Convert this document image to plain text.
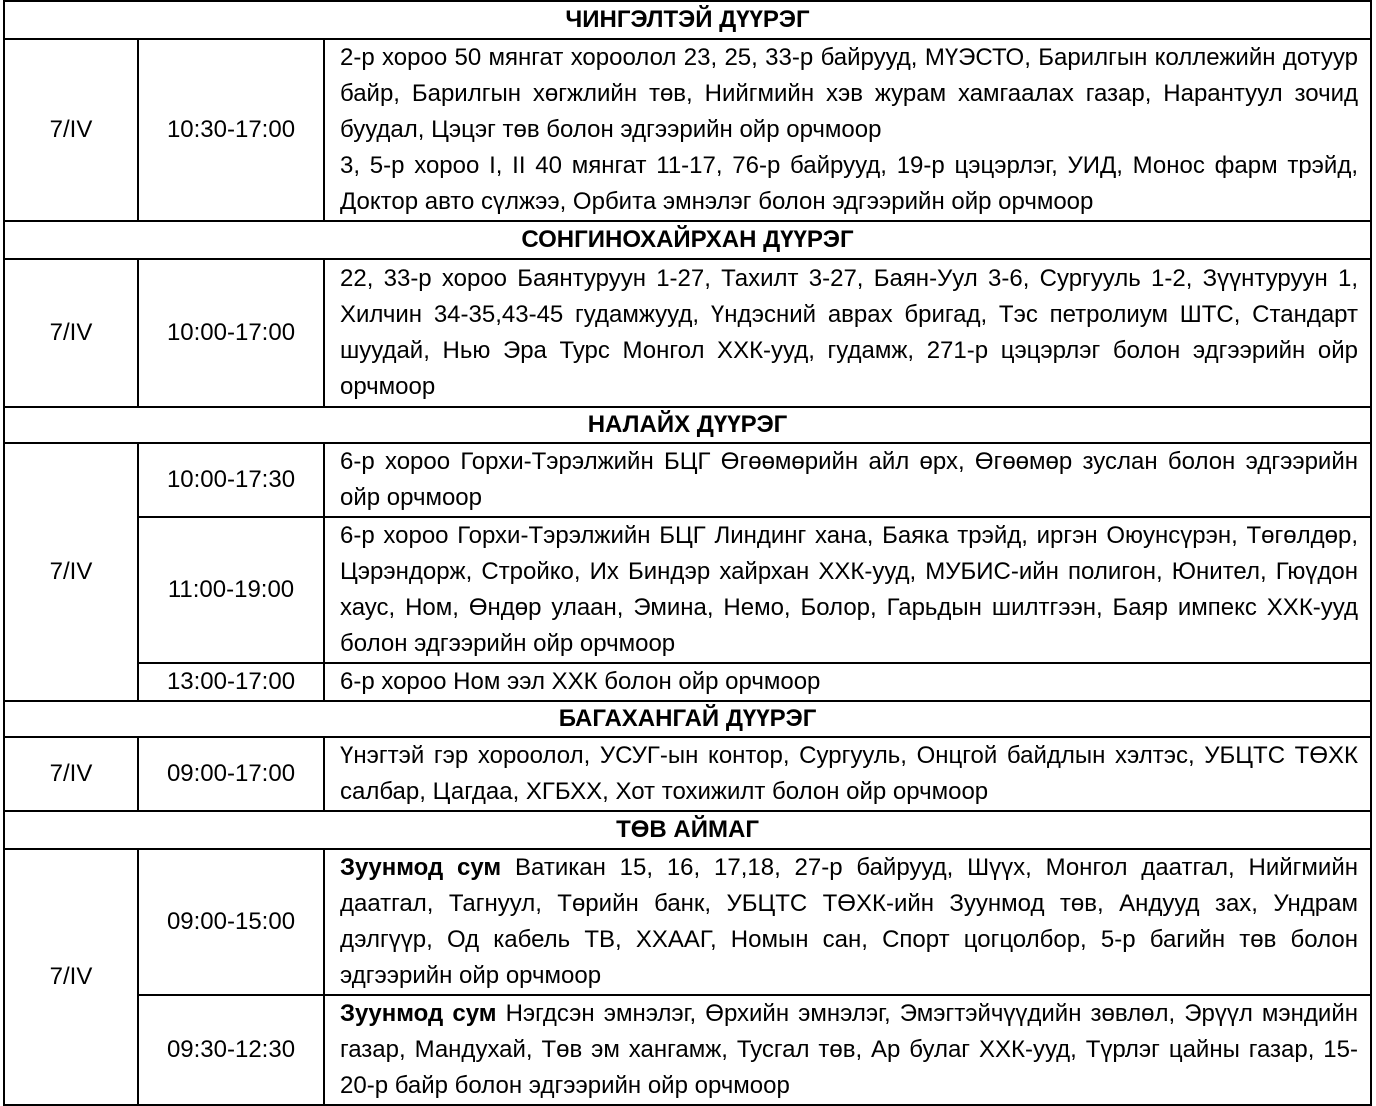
ЧИНГЭЛТЭЙ ДҮҮРЭГ		
7/IV	10:30-17:00	2-р хороо 50 мянгат хороолол 23, 25, 33-р байрууд, МҮЭСТО, Барилгын коллежийн дотуур байр, Барилгын хөгжлийн төв, Нийгмийн хэв журам хамгаалах газар, Нарантуул зочид буудал, Цэцэг төв болон эдгээрийн ойр орчмоор
3, 5-р хороо I, II 40 мянгат 11-17, 76-р байрууд, 19-р цэцэрлэг, УИД, Монос фарм трэйд, Доктор авто сүлжээ, Орбита эмнэлэг болон эдгээрийн ойр орчмоор

СОНГИНОХАЙРХАН ДҮҮРЭГ		
7/IV	10:00-17:00	22, 33-р хороо Баянтуруун 1-27, Тахилт 3-27, Баян-Уул 3-6, Сургууль 1-2, Зүүнтуруун 1, Хилчин 34-35,43-45 гудамжууд, Үндэсний аврах бригад, Тэс петролиум ШТС, Стандарт шуудай, Нью Эра Турс Монгол ХХК-ууд, гудамж, 271-р цэцэрлэг болон эдгээрийн ойр орчмоор

НАЛАЙХ ДҮҮРЭГ		
7/IV	10:00-17:30	6-р хороо Горхи-Тэрэлжийн БЦГ Өгөөмөрийн айл өрх, Өгөөмөр зуслан болон эдгээрийн ойр орчмоор

	11:00-19:00	6-р хороо Горхи-Тэрэлжийн БЦГ Линдинг хана, Баяка трэйд, иргэн Оюунсүрэн, Төгөлдөр, Цэрэндорж, Стройко, Их Биндэр хайрхан ХХК-ууд, МУБИС-ийн полигон, Юнител, Гюүдон хаус, Ном, Өндөр улаан, Эмина, Немо, Болор, Гарьдын шилтгээн, Баяр импекс ХХК-ууд болон эдгээрийн ойр орчмоор

	13:00-17:00	6-р хороо Ном ээл ХХК болон ойр орчмоор

БАГАХАНГАЙ ДҮҮРЭГ		
7/IV	09:00-17:00	Үнэгтэй гэр хороолол, УСУГ-ын контор, Сургууль, Онцгой байдлын хэлтэс, УБЦТС ТӨХК салбар, Цагдаа, ХГБХХ, Хот тохижилт болон ойр орчмоор

ТӨВ АЙМАГ		
7/IV	09:00-15:00	Зуунмод сум Ватикан 15, 16, 17,18, 27-р байрууд, Шүүх, Монгол даатгал, Нийгмийн даатгал, Тагнуул, Төрийн банк, УБЦТС ТӨХК-ийн Зуунмод төв, Андууд зах, Ундрам дэлгүүр, Од кабель ТВ, ХХААГ, Номын сан, Спорт цогцолбор, 5-р багийн төв болон эдгээрийн ойр орчмоор

	09:30-12:30	Зуунмод сум Нэгдсэн эмнэлэг, Өрхийн эмнэлэг, Эмэгтэйчүүдийн зөвлөл, Эрүүл мэндийн газар, Мандухай, Төв эм хангамж, Тусгал төв, Ар булаг ХХК-ууд, Түрлэг цайны газар, 15-20-р байр болон эдгээрийн ойр орчмоор
